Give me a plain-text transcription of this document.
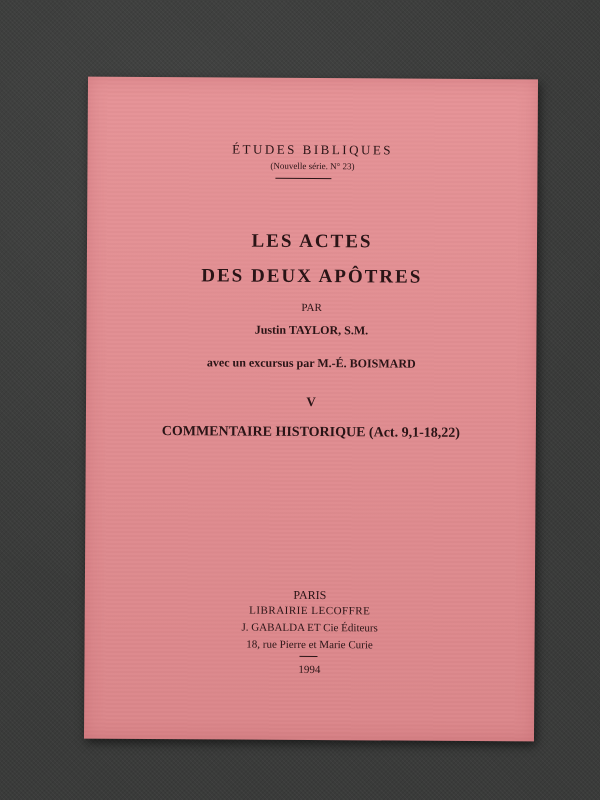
ÉTUDES BIBLIQUES
(Nouvelle série. N° 23)
LES ACTES
DES DEUX APÔTRES
PAR
Justin TAYLOR, S.M.
avec un excursus par M.-É. BOISMARD
V
COMMENTAIRE HISTORIQUE (Act. 9,1-18,22)
PARIS
LIBRAIRIE LECOFFRE
J. GABALDA ET Cie Éditeurs
18, rue Pierre et Marie Curie
1994
